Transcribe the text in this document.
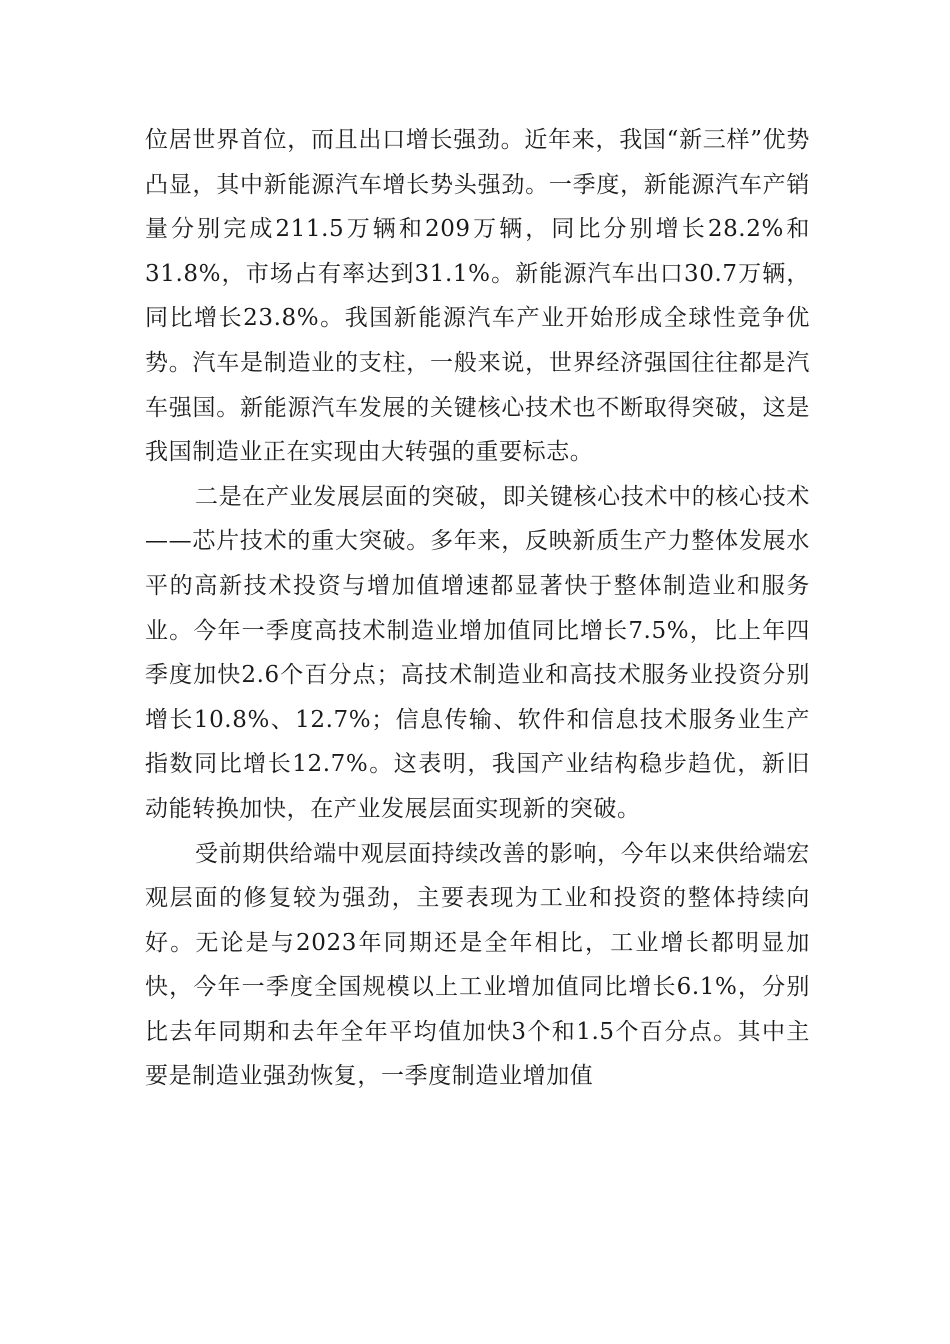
位居世界首位，而且出口增长强劲。近年来，我国“新三样”优势凸显，其中新能源汽车增长势头强劲。一季度，新能源汽车产销量分别完成211.5万辆和209万辆，同比分别增长28.2%和31.8%，市场占有率达到31.1%。新能源汽车出口30.7万辆，同比增长23.8%。我国新能源汽车产业开始形成全球性竞争优势。汽车是制造业的支柱，一般来说，世界经济强国往往都是汽车强国。新能源汽车发展的关键核心技术也不断取得突破，这是我国制造业正在实现由大转强的重要标志。

二是在产业发展层面的突破，即关键核心技术中的核心技术——芯片技术的重大突破。多年来，反映新质生产力整体发展水平的高新技术投资与增加值增速都显著快于整体制造业和服务业。今年一季度高技术制造业增加值同比增长7.5%，比上年四季度加快2.6个百分点；高技术制造业和高技术服务业投资分别增长10.8%、12.7%；信息传输、软件和信息技术服务业生产指数同比增长12.7%。这表明，我国产业结构稳步趋优，新旧动能转换加快，在产业发展层面实现新的突破。

受前期供给端中观层面持续改善的影响，今年以来供给端宏观层面的修复较为强劲，主要表现为工业和投资的整体持续向好。无论是与2023年同期还是全年相比，工业增长都明显加快，今年一季度全国规模以上工业增加值同比增长6.1%，分别比去年同期和去年全年平均值加快3个和1.5个百分点。其中主要是制造业强劲恢复，一季度制造业增加值
